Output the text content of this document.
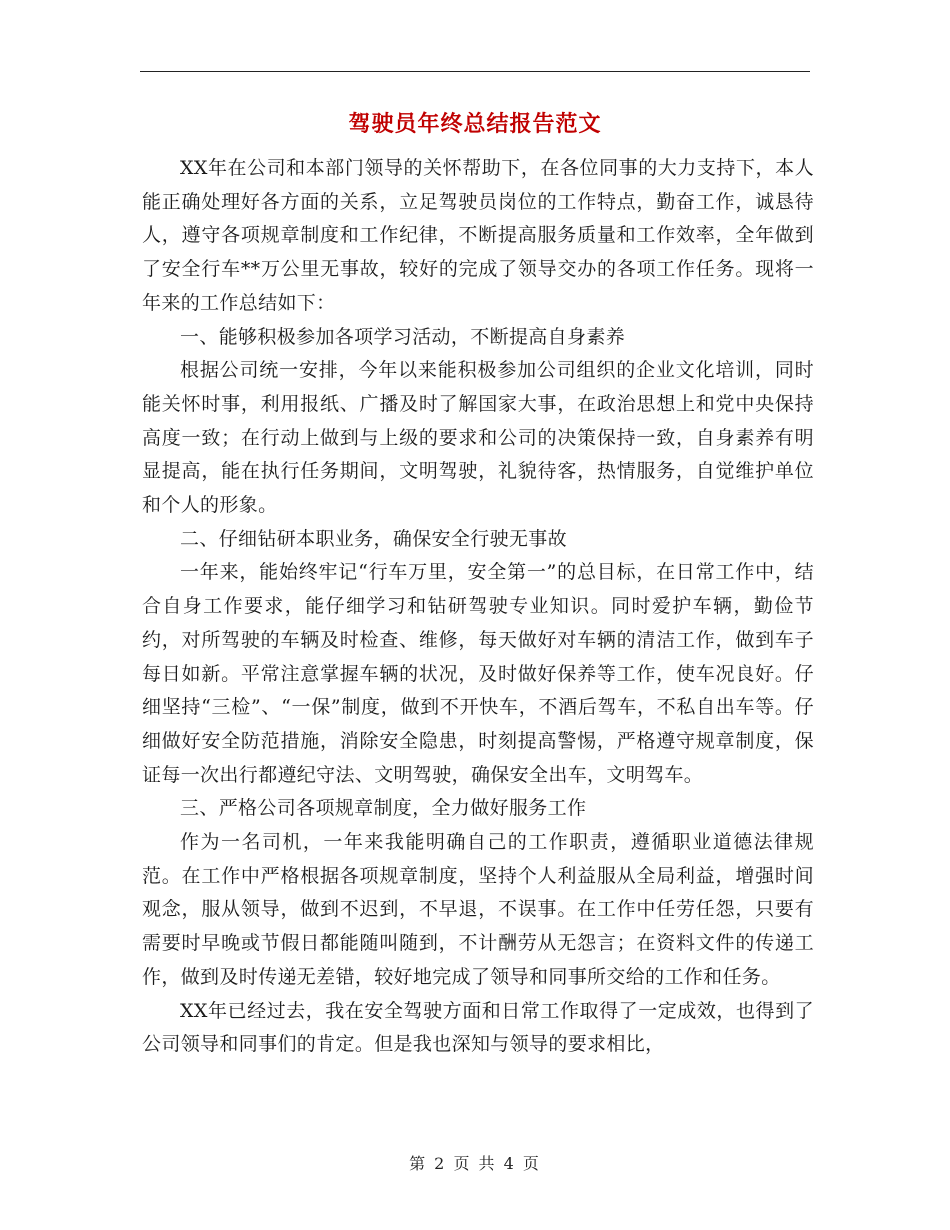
驾驶员年终总结报告范文

XX年在公司和本部门领导的关怀帮助下，在各位同事的大力支持下，本人能正确处理好各方面的关系，立足驾驶员岗位的工作特点，勤奋工作，诚恳待人，遵守各项规章制度和工作纪律，不断提高服务质量和工作效率，全年做到了安全行车**万公里无事故，较好的完成了领导交办的各项工作任务。现将一年来的工作总结如下：

一、能够积极参加各项学习活动，不断提高自身素养

根据公司统一安排，今年以来能积极参加公司组织的企业文化培训，同时能关怀时事，利用报纸、广播及时了解国家大事，在政治思想上和党中央保持高度一致；在行动上做到与上级的要求和公司的决策保持一致，自身素养有明显提高，能在执行任务期间，文明驾驶，礼貌待客，热情服务，自觉维护单位和个人的形象。

二、仔细钻研本职业务，确保安全行驶无事故

一年来，能始终牢记“行车万里，安全第一”的总目标，在日常工作中，结合自身工作要求，能仔细学习和钻研驾驶专业知识。同时爱护车辆，勤俭节约，对所驾驶的车辆及时检查、维修，每天做好对车辆的清洁工作，做到车子每日如新。平常注意掌握车辆的状况，及时做好保养等工作，使车况良好。仔细坚持“三检”、“一保”制度，做到不开快车，不酒后驾车，不私自出车等。仔细做好安全防范措施，消除安全隐患，时刻提高警惕，严格遵守规章制度，保证每一次出行都遵纪守法、文明驾驶，确保安全出车，文明驾车。

三、严格公司各项规章制度，全力做好服务工作

作为一名司机，一年来我能明确自己的工作职责，遵循职业道德法律规范。在工作中严格根据各项规章制度，坚持个人利益服从全局利益，增强时间观念，服从领导，做到不迟到，不早退，不误事。在工作中任劳任怨，只要有需要时早晚或节假日都能随叫随到，不计酬劳从无怨言；在资料文件的传递工作，做到及时传递无差错，较好地完成了领导和同事所交给的工作和任务。

XX年已经过去，我在安全驾驶方面和日常工作取得了一定成效，也得到了公司领导和同事们的肯定。但是我也深知与领导的要求相比，

第 2 页 共 4 页
